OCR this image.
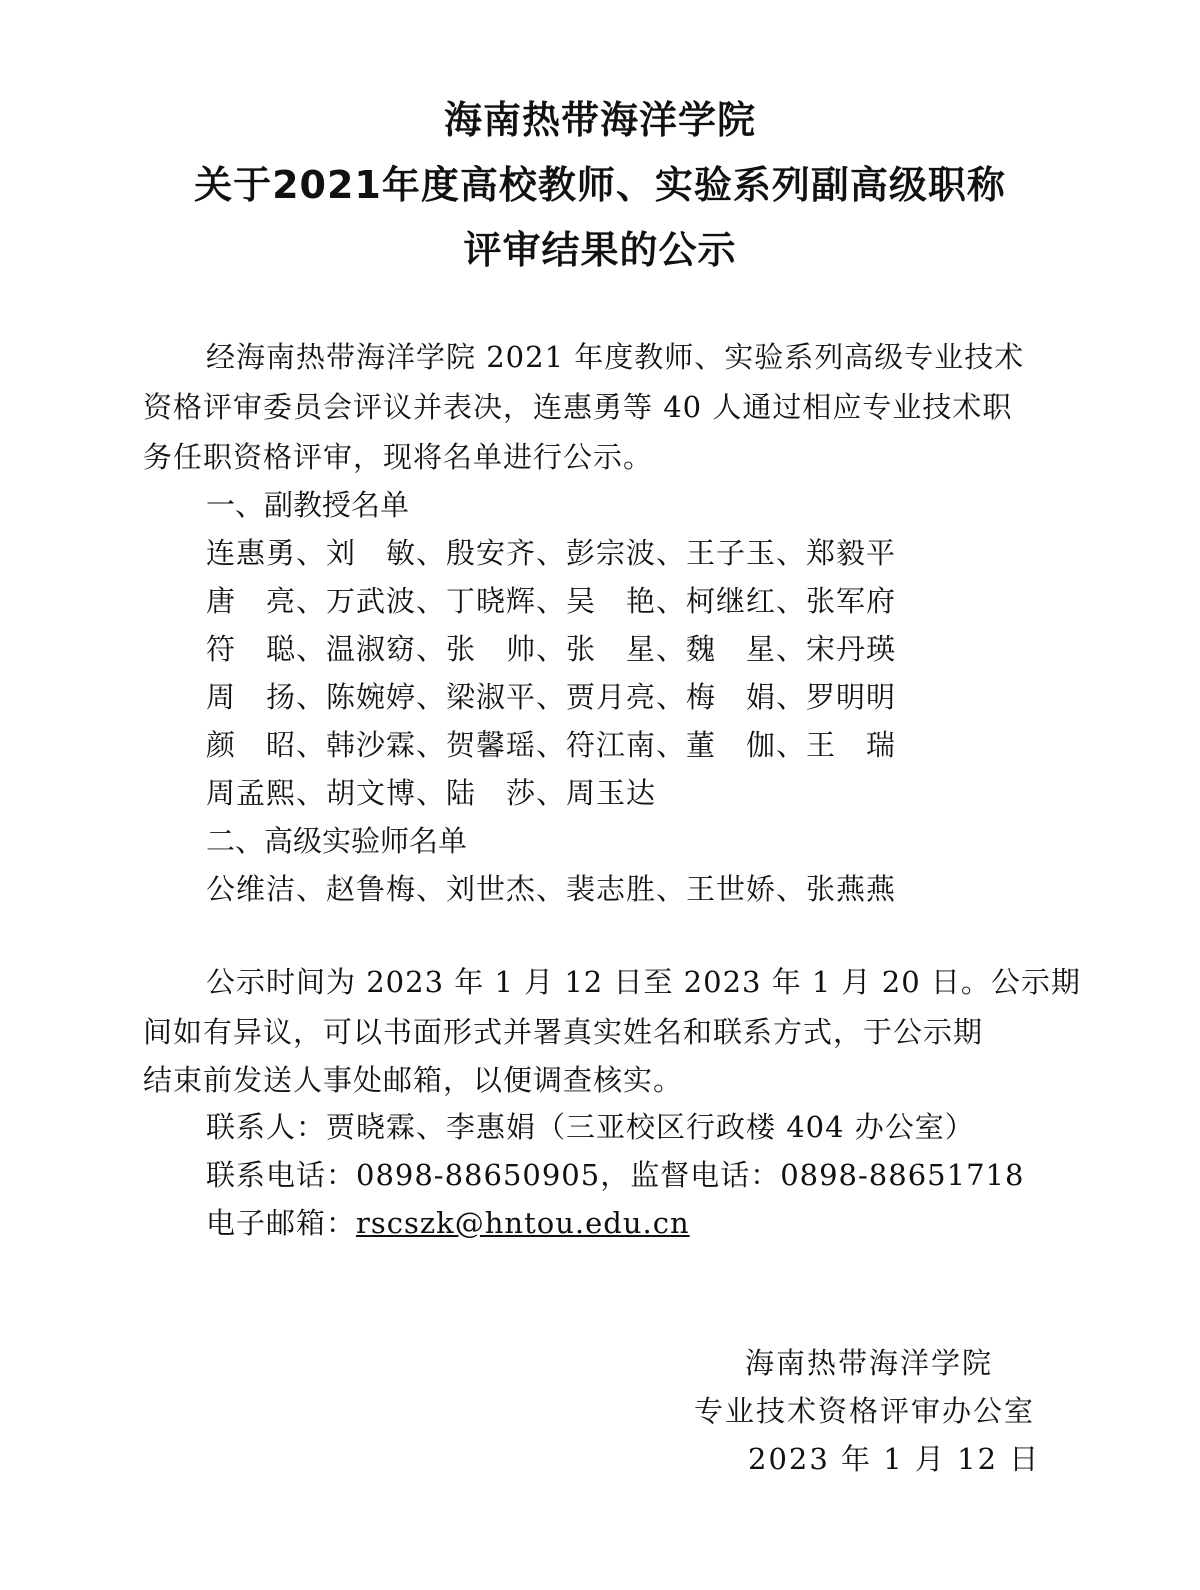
海南热带海洋学院
关于2021年度高校教师、实验系列副高级职称
评审结果的公示
经海南热带海洋学院 2021 年度教师、实验系列高级专业技术
资格评审委员会评议并表决，连惠勇等 40 人通过相应专业技术职
务任职资格评审，现将名单进行公示。
一、副教授名单
连惠勇、刘　敏、殷安齐、彭宗波、王子玉、郑毅平
唐　亮、万武波、丁晓辉、吴　艳、柯继红、张军府
符　聪、温淑窈、张　帅、张　星、魏　星、宋丹瑛
周　扬、陈婉婷、梁淑平、贾月亮、梅　娟、罗明明
颜　昭、韩沙霖、贺馨瑶、符江南、董　伽、王　瑞
周孟熙、胡文博、陆　莎、周玉达
二、高级实验师名单
公维洁、赵鲁梅、刘世杰、裴志胜、王世娇、张燕燕
公示时间为 2023 年 1 月 12 日至 2023 年 1 月 20 日。公示期
间如有异议，可以书面形式并署真实姓名和联系方式，于公示期
结束前发送人事处邮箱，以便调查核实。
联系人：贾晓霖、李惠娟（三亚校区行政楼 404 办公室）
联系电话：0898-88650905，监督电话：0898-88651718
电子邮箱：rscszk@hntou.edu.cn
海南热带海洋学院
专业技术资格评审办公室
2023 年 1 月 12 日
